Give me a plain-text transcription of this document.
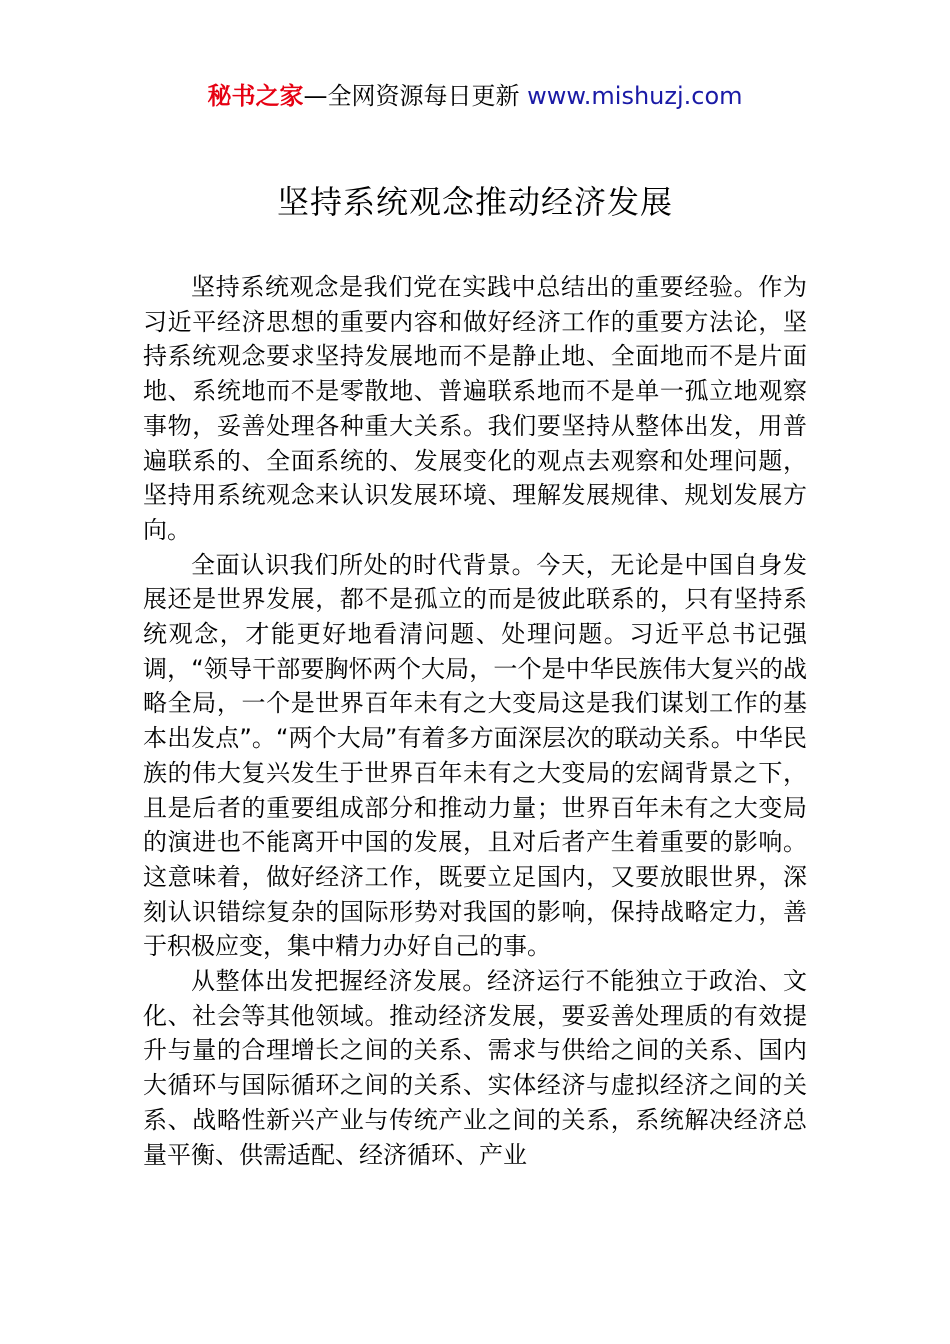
秘书之家—全网资源每日更新 www.mishuzj.com
坚持系统观念推动经济发展

坚持系统观念是我们党在实践中总结出的重要经验。作为习近平经济思想的重要内容和做好经济工作的重要方法论，坚持系统观念要求坚持发展地而不是静止地、全面地而不是片面地、系统地而不是零散地、普遍联系地而不是单一孤立地观察事物，妥善处理各种重大关系。我们要坚持从整体出发，用普遍联系的、全面系统的、发展变化的观点去观察和处理问题，坚持用系统观念来认识发展环境、理解发展规律、规划发展方向。

全面认识我们所处的时代背景。今天，无论是中国自身发展还是世界发展，都不是孤立的而是彼此联系的，只有坚持系统观念，才能更好地看清问题、处理问题。习近平总书记强调，“领导干部要胸怀两个大局，一个是中华民族伟大复兴的战略全局，一个是世界百年未有之大变局这是我们谋划工作的基本出发点”。“两个大局”有着多方面深层次的联动关系。中华民族的伟大复兴发生于世界百年未有之大变局的宏阔背景之下，且是后者的重要组成部分和推动力量；世界百年未有之大变局的演进也不能离开中国的发展，且对后者产生着重要的影响。这意味着，做好经济工作，既要立足国内，又要放眼世界，深刻认识错综复杂的国际形势对我国的影响，保持战略定力，善于积极应变，集中精力办好自己的事。

从整体出发把握经济发展。经济运行不能独立于政治、文化、社会等其他领域。推动经济发展，要妥善处理质的有效提升与量的合理增长之间的关系、需求与供给之间的关系、国内大循环与国际循环之间的关系、实体经济与虚拟经济之间的关系、战略性新兴产业与传统产业之间的关系，系统解决经济总量平衡、供需适配、经济循环、产业
